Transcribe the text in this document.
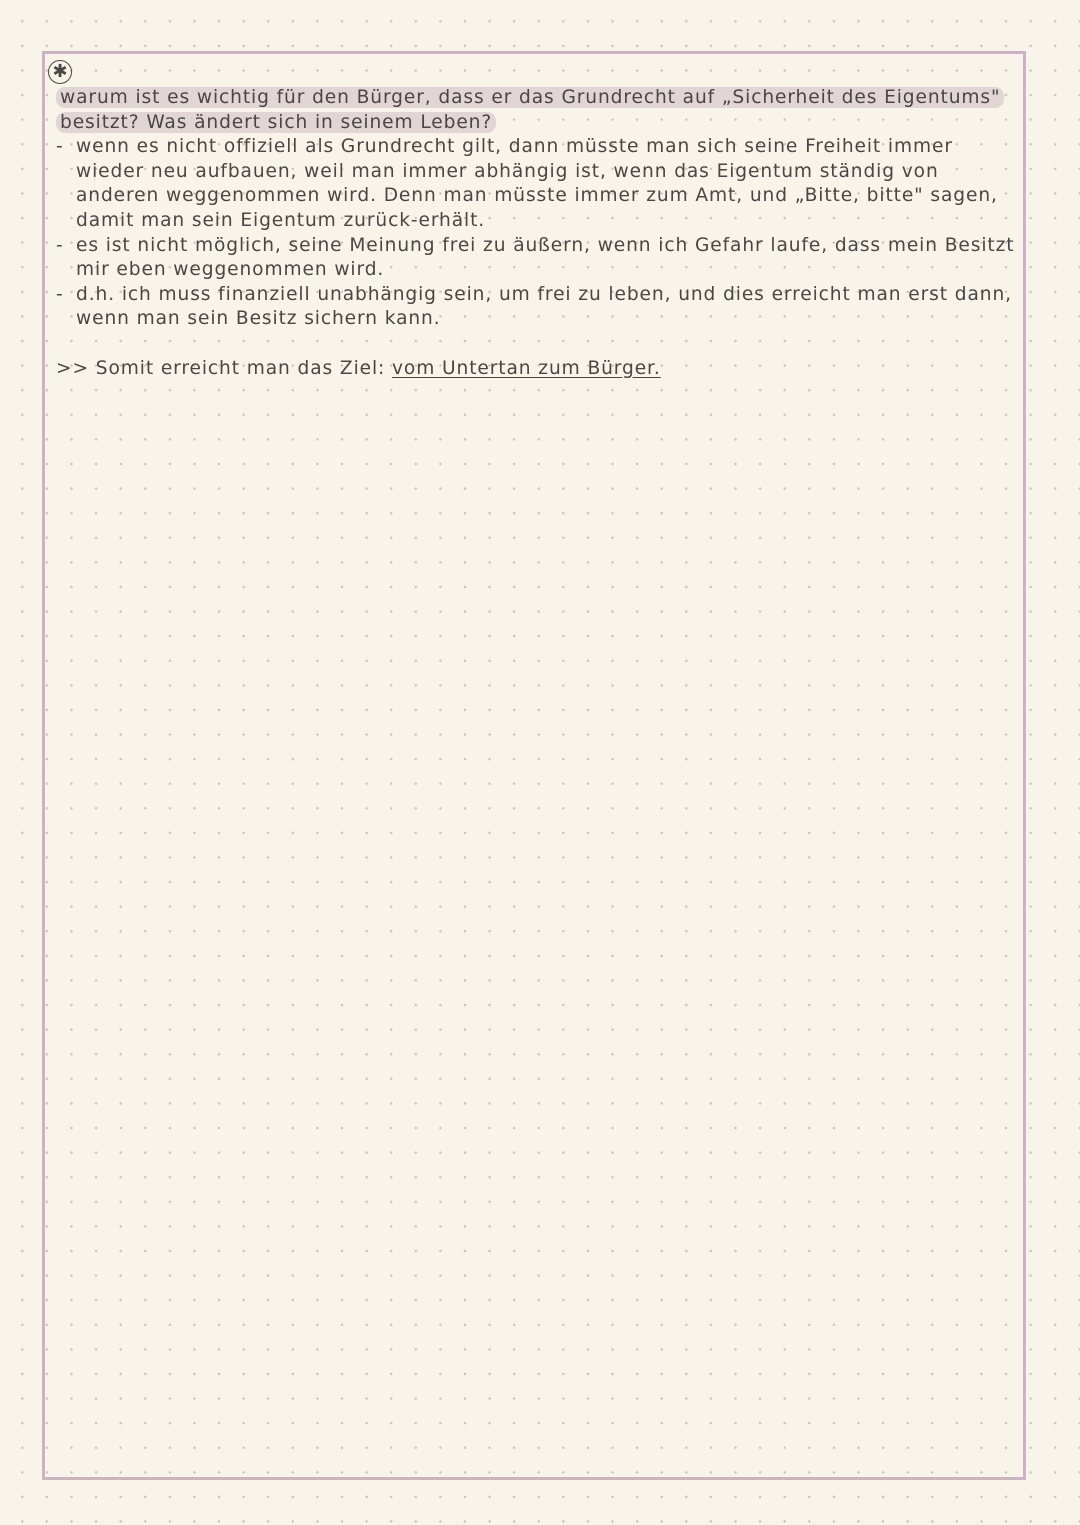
✱

warum ist es wichtig für den Bürger, dass er das Grundrecht auf „Sicherheit des Eigentums" besitzt? Was ändert sich in seinem Leben?

- wenn es nicht offiziell als Grundrecht gilt, dann müsste man sich seine Freiheit immer wieder neu aufbauen, weil man immer abhängig ist, wenn das Eigentum ständig von anderen weggenommen wird. Denn man müsste immer zum Amt, und „Bitte, bitte" sagen, damit man sein Eigentum zurück-erhält.
- es ist nicht möglich, seine Meinung frei zu äußern, wenn ich Gefahr laufe, dass mein Besitzt mir eben weggenommen wird.
- d.h. ich muss finanziell unabhängig sein, um frei zu leben, und dies erreicht man erst dann, wenn man sein Besitz sichern kann.

>> Somit erreicht man das Ziel: vom Untertan zum Bürger.
